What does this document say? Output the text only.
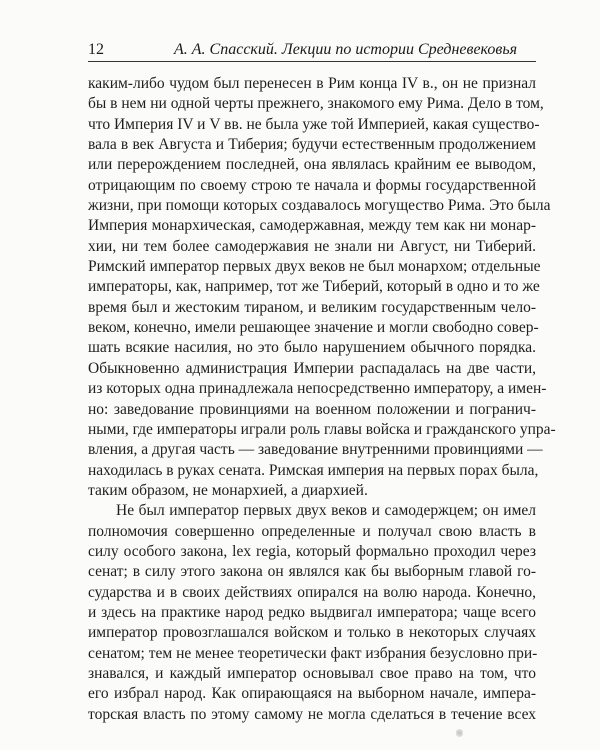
12	А. А. Спасский. Лекции по истории Средневековья
каким-либо чудом был перенесен в Рим конца IV в., он не признал
бы в нем ни одной черты прежнего, знакомого ему Рима. Дело в том,
что Империя IV и V вв. не была уже той Империей, какая существо-
вала в век Августа и Тиберия; будучи естественным продолжением
или перерождением последней, она являлась крайним ее выводом,
отрицающим по своему строю те начала и формы государственной
жизни, при помощи которых создавалось могущество Рима. Это была
Империя монархическая, самодержавная, между тем как ни монар-
хии, ни тем более самодержавия не знали ни Август, ни Тиберий.
Римский император первых двух веков не был монархом; отдельные
императоры, как, например, тот же Тиберий, который в одно и то же
время был и жестоким тираном, и великим государственным чело-
веком, конечно, имели решающее значение и могли свободно совер-
шать всякие насилия, но это было нарушением обычного порядка.
Обыкновенно администрация Империи распадалась на две части,
из которых одна принадлежала непосредственно императору, а имен-
но: заведование провинциями на военном положении и погранич-
ными, где императоры играли роль главы войска и гражданского упра-
вления, а другая часть — заведование внутренними провинциями —
находилась в руках сената. Римская империя на первых порах была,
таким образом, не монархией, а диархией.
Не был император первых двух веков и самодержцем; он имел
полномочия совершенно определенные и получал свою власть в
силу особого закона, lex regia, который формально проходил через
сенат; в силу этого закона он являлся как бы выборным главой го-
сударства и в своих действиях опирался на волю народа. Конечно,
и здесь на практике народ редко выдвигал императора; чаще всего
император провозглашался войском и только в некоторых случаях
сенатом; тем не менее теоретически факт избрания безусловно при-
знавался, и каждый император основывал свое право на том, что
его избрал народ. Как опирающаяся на выборном начале, импера-
торская власть по этому самому не могла сделаться в течение всех
